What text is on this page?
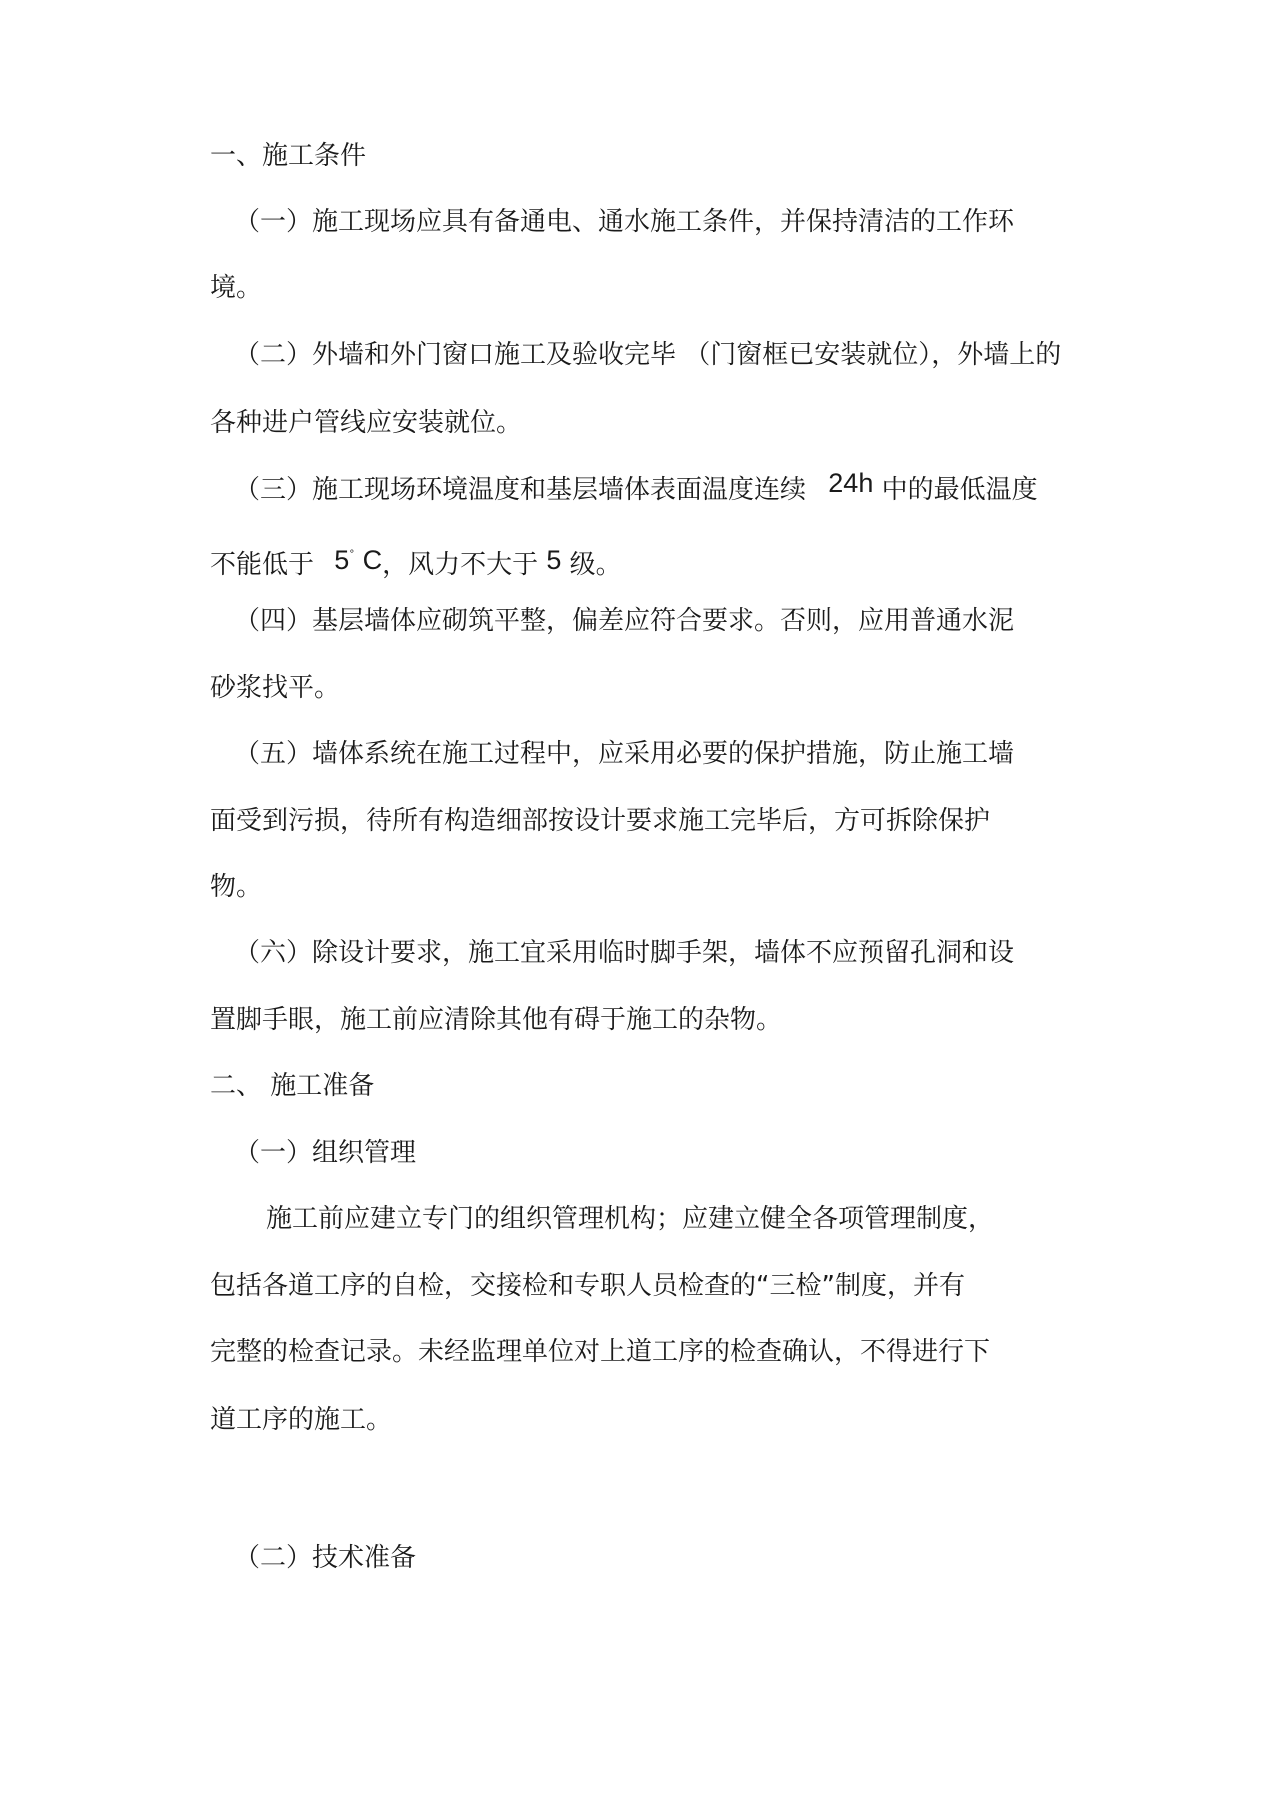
一、施工条件

（一）施工现场应具有备通电、通水施工条件，并保持清洁的工作环

境。

（二）外墙和外门窗口施工及验收完毕 （门窗框已安装就位），外墙上的

各种进户管线应安装就位。

（三）施工现场环境温度和基层墙体表面温度连续 24h 中的最低温度

不能低于 5° C，风力不大于 5 级。

（四）基层墙体应砌筑平整，偏差应符合要求。否则，应用普通水泥

砂浆找平。

（五）墙体系统在施工过程中，应采用必要的保护措施，防止施工墙

面受到污损，待所有构造细部按设计要求施工完毕后，方可拆除保护

物。

（六）除设计要求，施工宜采用临时脚手架，墙体不应预留孔洞和设

置脚手眼，施工前应清除其他有碍于施工的杂物。

二、 施工准备

（一）组织管理

施工前应建立专门的组织管理机构；应建立健全各项管理制度，

包括各道工序的自检，交接检和专职人员检查的“三检”制度，并有

完整的检查记录。未经监理单位对上道工序的检查确认，不得进行下

道工序的施工。

（二）技术准备
